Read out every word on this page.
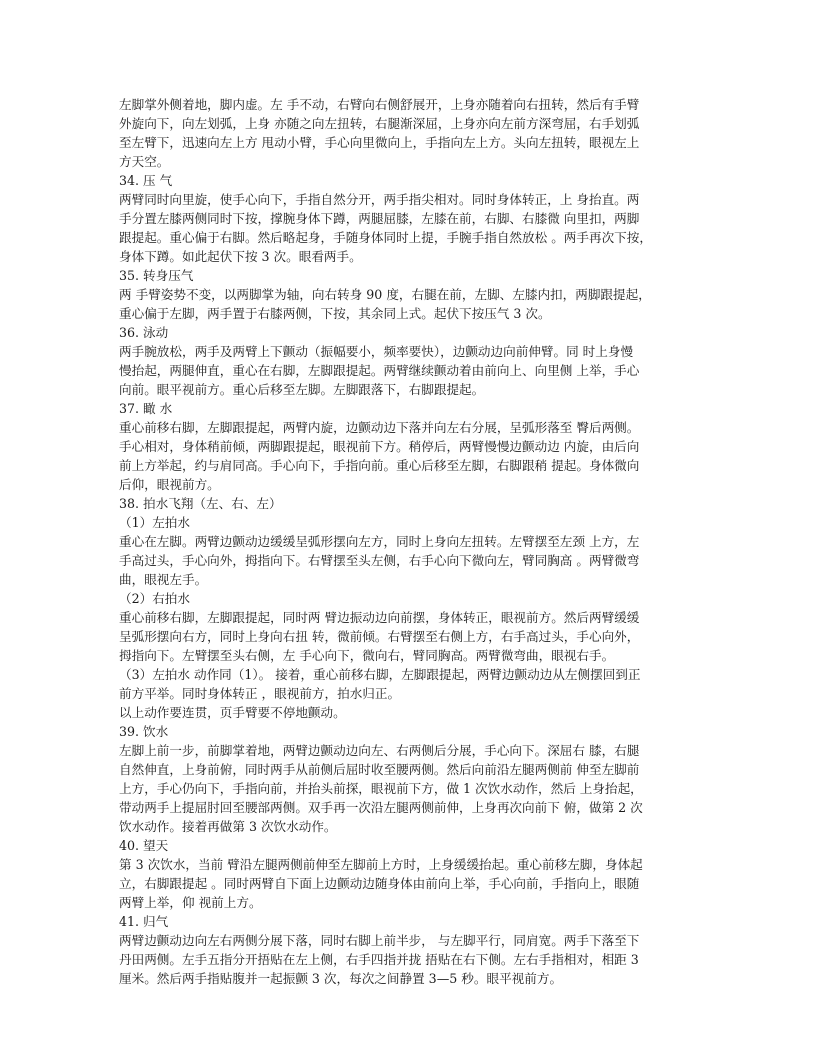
左脚掌外侧着地，脚内虚。左 手不动，右臂向右侧舒展开，上身亦随着向右扭转，然后有手臂
外旋向下，向左划弧，上身 亦随之向左扭转，右腿渐深屈，上身亦向左前方深弯屈，右手划弧
至左臂下，迅速向左上方 甩动小臂，手心向里微向上，手指向左上方。头向左扭转，眼视左上
方天空。
34. 压 气
两臂同时向里旋，使手心向下，手指自然分开，两手指尖相对。同时身体转正，上 身抬直。两
手分置左膝两侧同时下按，撑腕身体下蹲，两腿屈膝，左膝在前，右脚、右膝微 向里扣，两脚
跟提起。重心偏于右脚。然后略起身，手随身体同时上提，手腕手指自然放松 。两手再次下按，
身体下蹲。如此起伏下按 3 次。眼看两手。
35. 转身压气
两 手臂姿势不变，以两脚掌为轴，向右转身 90 度，右腿在前，左脚、左膝内扣，两脚跟提起，
重心偏于左脚，两手置于右膝两侧，下按，其余同上式。起伏下按压气 3 次。
36. 泳动
两手腕放松，两手及两臂上下颤动（振幅要小，频率要快），边颤动边向前伸臂。同 时上身慢
慢抬起，两腿伸直，重心在右脚，左脚跟提起。两臂继续颤动着由前向上、向里侧 上举，手心
向前。眼平视前方。重心后移至左脚。左脚跟落下，右脚跟提起。
37. 瞰 水
重心前移右脚，左脚跟提起，两臂内旋，边颤动边下落并向左右分展，呈弧形落至 臀后两侧。
手心相对，身体稍前倾，两脚跟提起，眼视前下方。稍停后，两臂慢慢边颤动边 内旋，由后向
前上方举起，约与肩同高。手心向下，手指向前。重心后移至左脚，右脚跟稍 提起。身体微向
后仰，眼视前方。
38. 拍水飞翔（左、右、左）
（1）左拍水
重心在左脚。两臂边颤动边缓缓呈弧形摆向左方，同时上身向左扭转。左臂摆至左颈 上方，左
手高过头，手心向外，拇指向下。右臂摆至头左侧，右手心向下微向左，臂同胸高 。两臂微弯
曲，眼视左手。
（2）右拍水
重心前移右脚，左脚跟提起，同时两 臂边振动边向前摆，身体转正，眼视前方。然后两臂缓缓
呈弧形摆向右方，同时上身向右扭 转，微前倾。右臂摆至右侧上方，右手高过头，手心向外，
拇指向下。左臂摆至头右侧，左 手心向下，微向右，臂同胸高。两臂微弯曲，眼视右手。
（3）左拍水 动作同（1）。 接着，重心前移右脚，左脚跟提起，两臂边颤动边从左侧摆回到正
前方平举。同时身体转正 ，眼视前方，拍水归正。
以上动作要连贯，页手臂要不停地颤动。
39. 饮水
左脚上前一步，前脚掌着地，两臂边颤动边向左、右两侧后分展，手心向下。深屈右 膝，右腿
自然伸直，上身前俯，同时两手从前侧后屈时收至腰两侧。然后向前沿左腿两侧前 伸至左脚前
上方，手心仍向下，手指向前，并抬头前探，眼视前下方，做 1 次饮水动作，然后 上身抬起，
带动两手上提屈肘回至腰部两侧。双手再一次沿左腿两侧前伸，上身再次向前下 俯，做第 2 次
饮水动作。接着再做第 3 次饮水动作。
40. 望天
第 3 次饮水，当前 臂沿左腿两侧前伸至左脚前上方时，上身缓缓抬起。重心前移左脚，身体起
立，右脚跟提起 。同时两臂自下面上边颤动边随身体由前向上举，手心向前，手指向上，眼随
两臂上举，仰 视前上方。
41. 归气
两臂边颤动边向左右两侧分展下落，同时右脚上前半步， 与左脚平行，同肩宽。两手下落至下
丹田两侧。左手五指分开捂贴在左上侧，右手四指并拢 捂贴在右下侧。左右手指相对，相距 3
厘米。然后两手指贴腹并一起振颤 3 次，每次之间静置 3—5 秒。眼平视前方。
